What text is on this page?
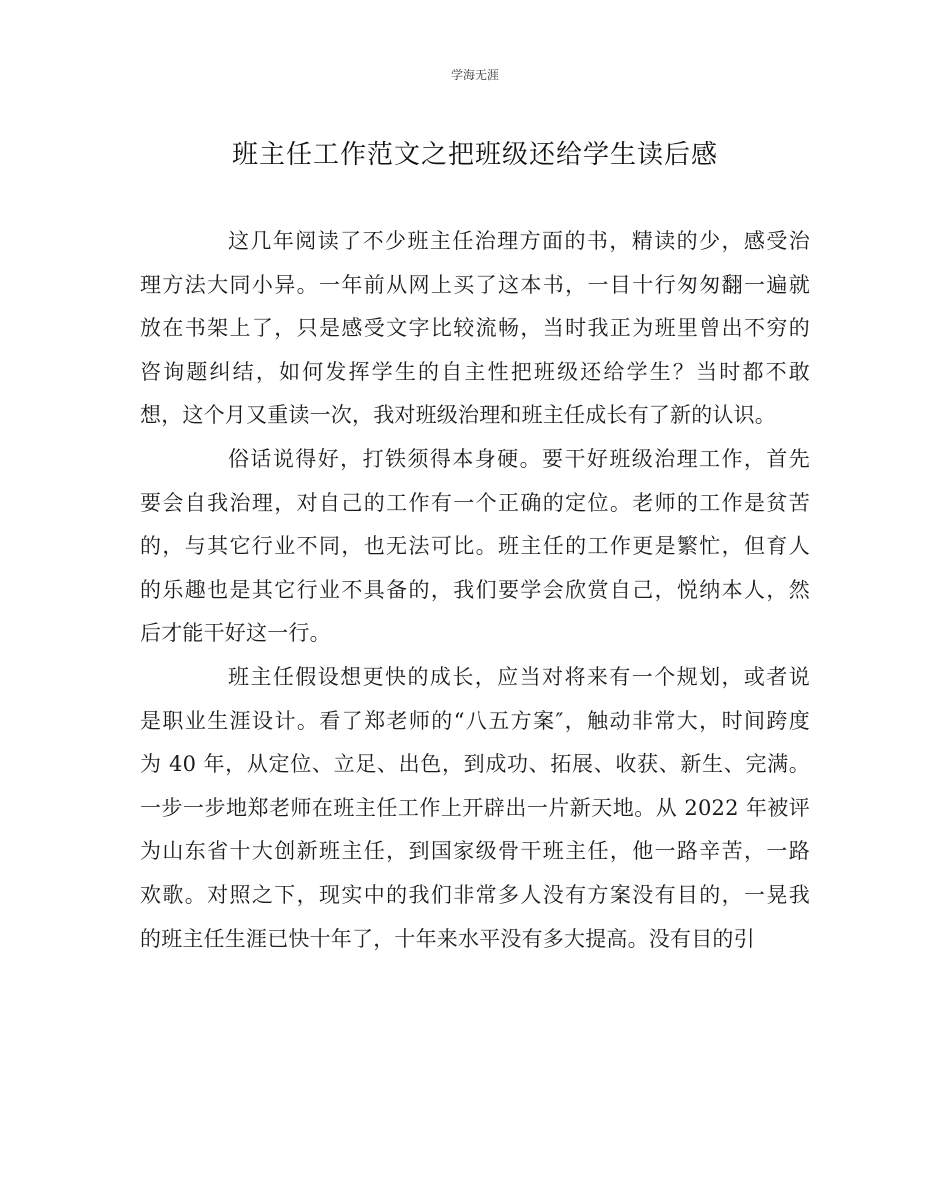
学海无涯
班主任工作范文之把班级还给学生读后感
这几年阅读了不少班主任治理方面的书，精读的少，感受治
理方法大同小异。一年前从网上买了这本书，一目十行匆匆翻一遍就
放在书架上了，只是感受文字比较流畅，当时我正为班里曾出不穷的
咨询题纠结，如何发挥学生的自主性把班级还给学生？当时都不敢
想，这个月又重读一次，我对班级治理和班主任成长有了新的认识。
俗话说得好，打铁须得本身硬。要干好班级治理工作，首先
要会自我治理，对自己的工作有一个正确的定位。老师的工作是贫苦
的，与其它行业不同，也无法可比。班主任的工作更是繁忙，但育人
的乐趣也是其它行业不具备的，我们要学会欣赏自己，悦纳本人，然
后才能干好这一行。
班主任假设想更快的成长，应当对将来有一个规划，或者说
是职业生涯设计。看了郑老师的“八五方案″，触动非常大，时间跨度
为 40 年，从定位、立足、出色，到成功、拓展、收获、新生、完满。
一步一步地郑老师在班主任工作上开辟出一片新天地。从 2022 年被评
为山东省十大创新班主任，到国家级骨干班主任，他一路辛苦，一路
欢歌。对照之下，现实中的我们非常多人没有方案没有目的，一晃我
的班主任生涯已快十年了，十年来水平没有多大提高。没有目的引
